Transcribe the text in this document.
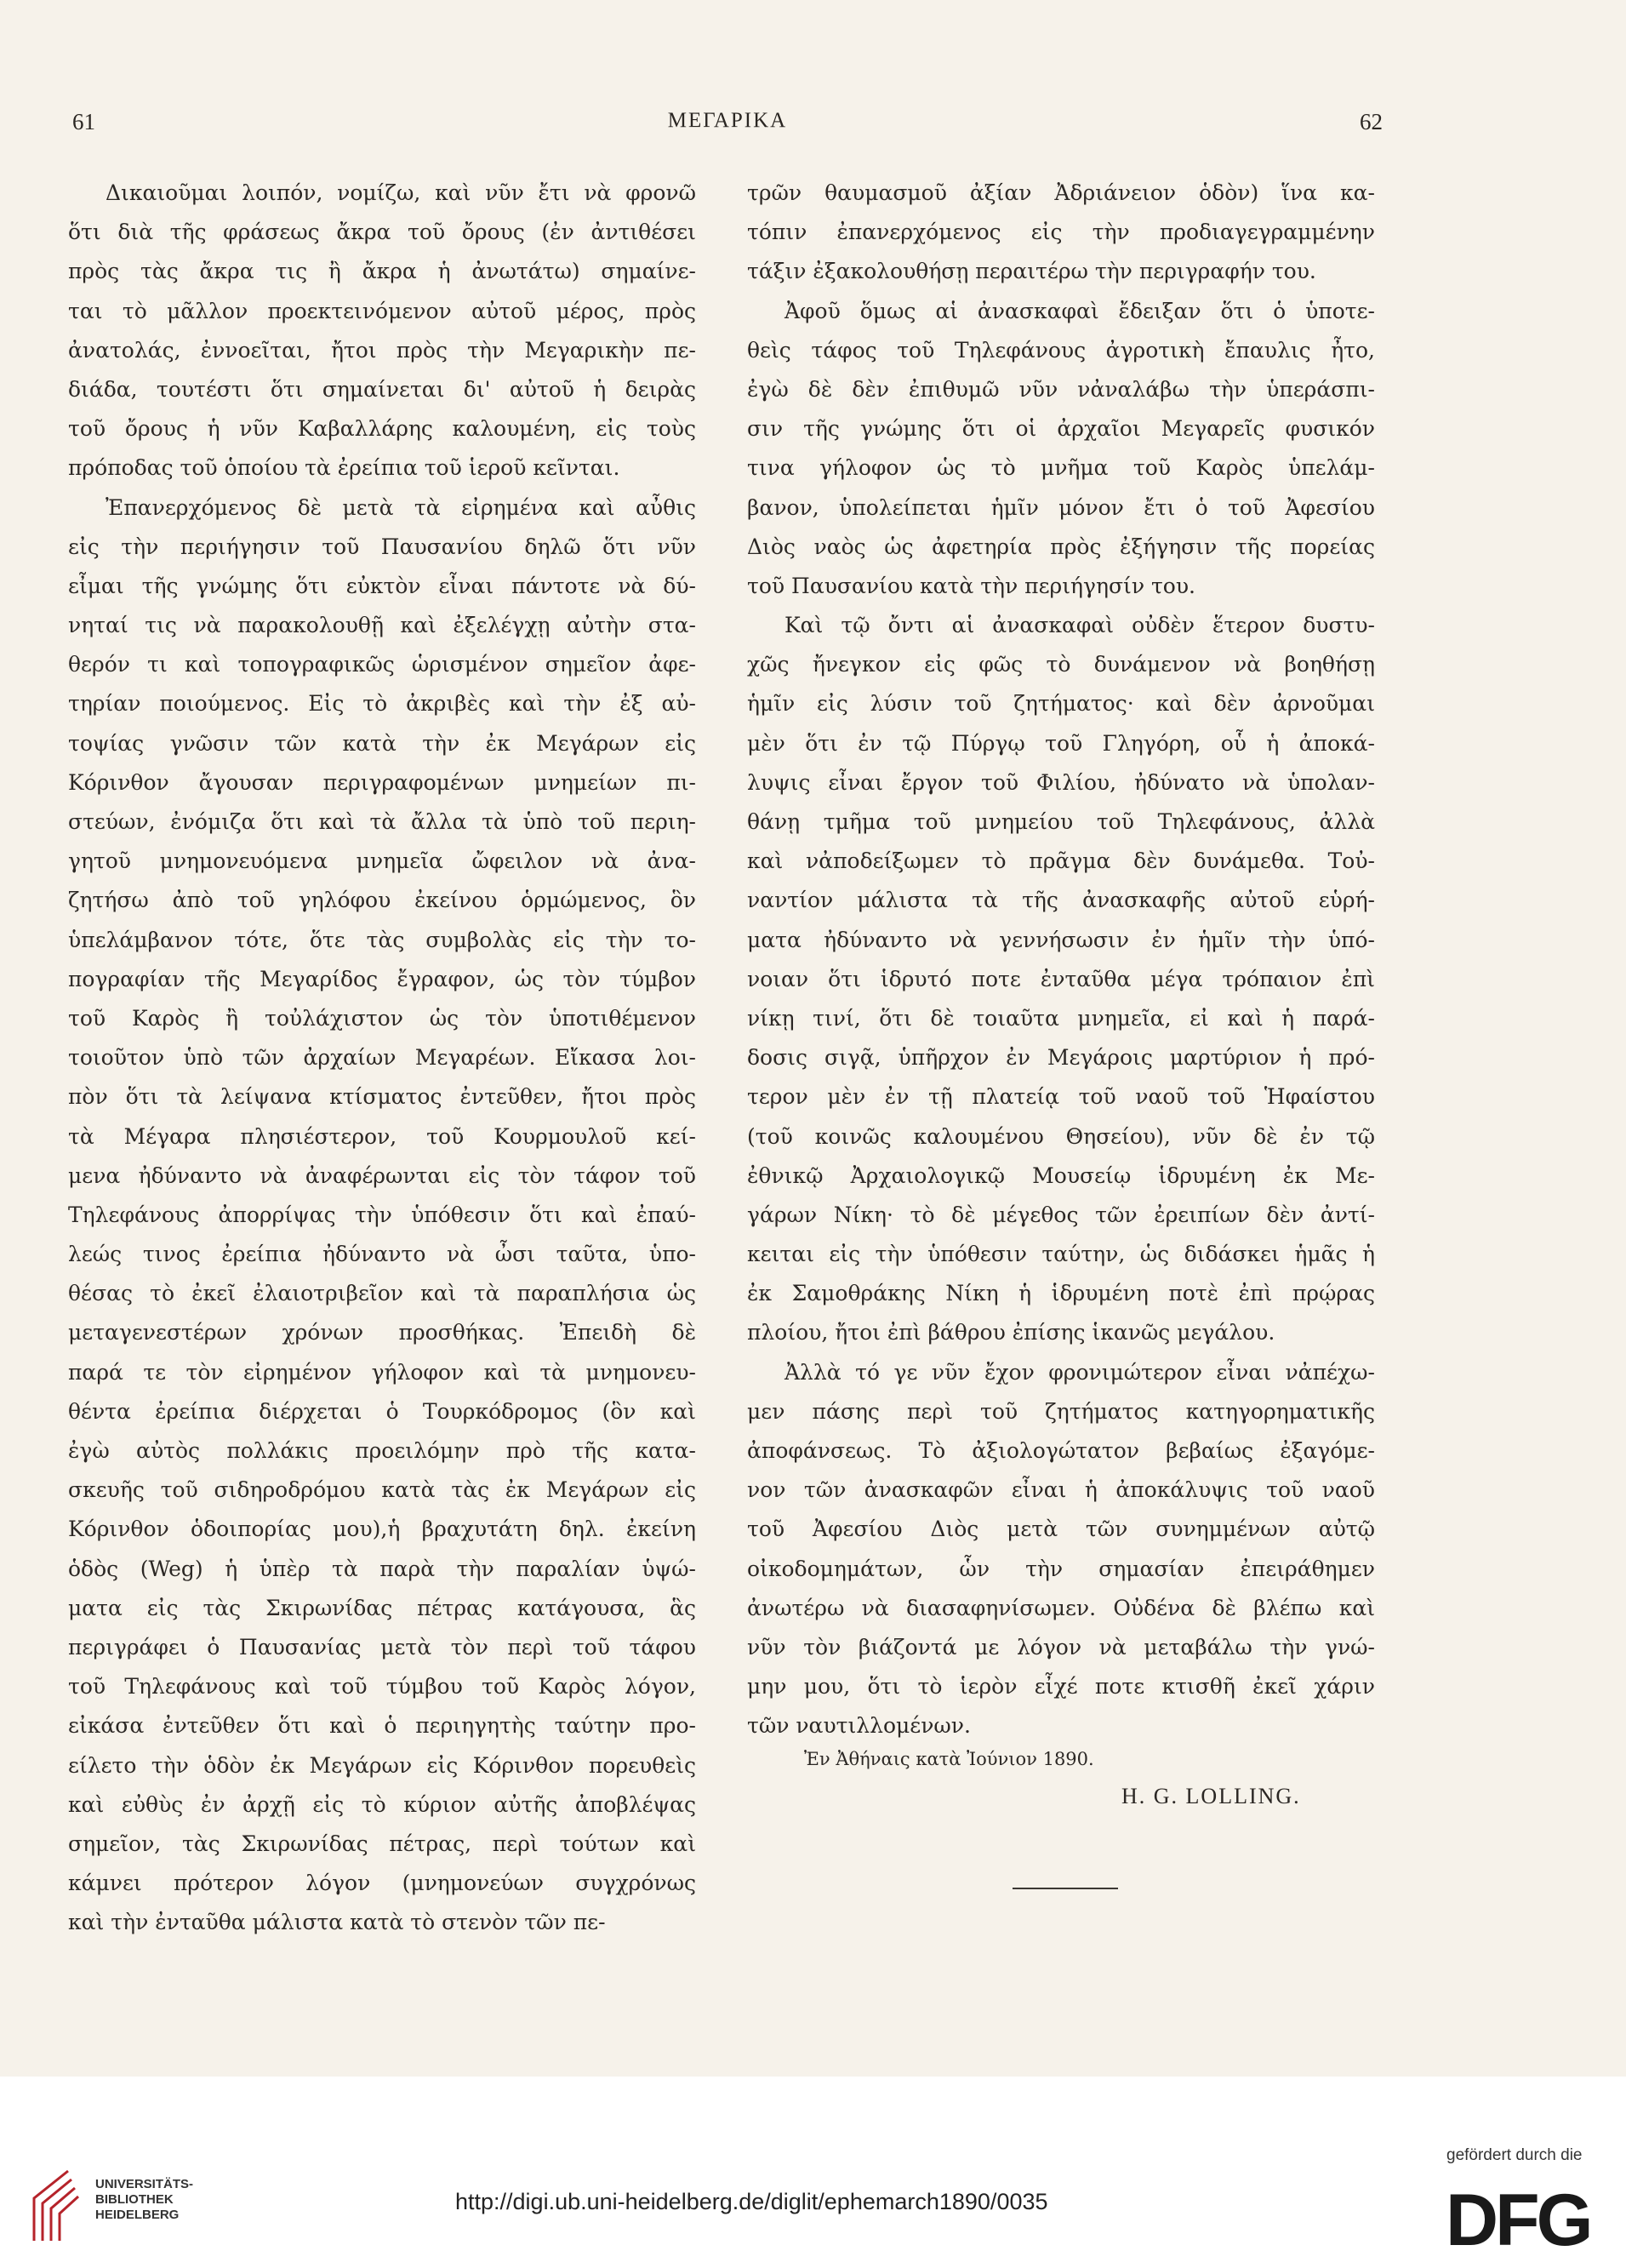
61	ΜΕΓΑΡΙΚΑ	62
Δικαιοῦμαι λοιπόν, νομίζω, καὶ νῦν ἔτι νὰ φρονῶ
ὅτι διὰ τῆς φράσεως ἄκρα τοῦ ὄρους (ἐν ἀντιθέσει
πρὸς τὰς ἄκρα τις ἢ ἄκρα ἡ ἀνωτάτω) σημαίνε-
ται τὸ μᾶλλον προεκτεινόμενον αὐτοῦ μέρος, πρὸς
ἀνατολάς, ἐννοεῖται, ἤτοι πρὸς τὴν Μεγαρικὴν πε-
διάδα, τουτέστι ὅτι σημαίνεται δι' αὐτοῦ ἡ δειρὰς
τοῦ ὄρους ἡ νῦν Καβαλλάρης καλουμένη, εἰς τοὺς
πρόποδας τοῦ ὁποίου τὰ ἐρείπια τοῦ ἱεροῦ κεῖνται.
Ἐπανερχόμενος δὲ μετὰ τὰ εἰρημένα καὶ αὖθις
εἰς τὴν περιήγησιν τοῦ Παυσανίου δηλῶ ὅτι νῦν
εἶμαι τῆς γνώμης ὅτι εὐκτὸν εἶναι πάντοτε νὰ δύ-
νηταί τις νὰ παρακολουθῇ καὶ ἐξελέγχῃ αὐτὴν στα-
θερόν τι καὶ τοπογραφικῶς ὡρισμένον σημεῖον ἀφε-
τηρίαν ποιούμενος. Εἰς τὸ ἀκριβὲς καὶ τὴν ἐξ αὐ-
τοψίας γνῶσιν τῶν κατὰ τὴν ἐκ Μεγάρων εἰς
Κόρινθον ἄγουσαν περιγραφομένων μνημείων πι-
στεύων, ἐνόμιζα ὅτι καὶ τὰ ἄλλα τὰ ὑπὸ τοῦ περιη-
γητοῦ μνημονευόμενα μνημεῖα ὤφειλον νὰ ἀνα-
ζητήσω ἀπὸ τοῦ γηλόφου ἐκείνου ὁρμώμενος, ὃν
ὑπελάμβανον τότε, ὅτε τὰς συμβολὰς εἰς τὴν το-
πογραφίαν τῆς Μεγαρίδος ἔγραφον, ὡς τὸν τύμβον
τοῦ Καρὸς ἢ τοὐλάχιστον ὡς τὸν ὑποτιθέμενον
τοιοῦτον ὑπὸ τῶν ἀρχαίων Μεγαρέων. Εἴκασα λοι-
πὸν ὅτι τὰ λείψανα κτίσματος ἐντεῦθεν, ἤτοι πρὸς
τὰ Μέγαρα πλησιέστερον, τοῦ Κουρμουλοῦ κεί-
μενα ἠδύναντο νὰ ἀναφέρωνται εἰς τὸν τάφον τοῦ
Τηλεφάνους ἀπορρίψας τὴν ὑπόθεσιν ὅτι καὶ ἐπαύ-
λεώς τινος ἐρείπια ἠδύναντο νὰ ὦσι ταῦτα, ὑπο-
θέσας τὸ ἐκεῖ ἐλαιοτριβεῖον καὶ τὰ παραπλήσια ὡς
μεταγενεστέρων χρόνων προσθήκας. Ἐπειδὴ δὲ
παρά τε τὸν εἰρημένον γήλοφον καὶ τὰ μνημονευ-
θέντα ἐρείπια διέρχεται ὁ Τουρκόδρομος (ὃν καὶ
ἐγὼ αὐτὸς πολλάκις προειλόμην πρὸ τῆς κατα-
σκευῆς τοῦ σιδηροδρόμου κατὰ τὰς ἐκ Μεγάρων εἰς
Κόρινθον ὁδοιπορίας μου),ἡ βραχυτάτη δηλ. ἐκείνη
ὁδὸς (Weg) ἡ ὑπὲρ τὰ παρὰ τὴν παραλίαν ὑψώ-
ματα εἰς τὰς Σκιρωνίδας πέτρας κατάγουσα, ἃς
περιγράφει ὁ Παυσανίας μετὰ τὸν περὶ τοῦ τάφου
τοῦ Τηλεφάνους καὶ τοῦ τύμβου τοῦ Καρὸς λόγον,
εἰκάσα ἐντεῦθεν ὅτι καὶ ὁ περιηγητὴς ταύτην προ-
είλετο τὴν ὁδὸν ἐκ Μεγάρων εἰς Κόρινθον πορευθεὶς
καὶ εὐθὺς ἐν ἀρχῇ εἰς τὸ κύριον αὐτῆς ἀποβλέψας
σημεῖον, τὰς Σκιρωνίδας πέτρας, περὶ τούτων καὶ
κάμνει πρότερον λόγον (μνημονεύων συγχρόνως
καὶ τὴν ἐνταῦθα μάλιστα κατὰ τὸ στενὸν τῶν πε-
τρῶν θαυμασμοῦ ἀξίαν Ἀδριάνειον ὁδὸν) ἵνα κα-
τόπιν ἐπανερχόμενος εἰς τὴν προδιαγεγραμμένην
τάξιν ἐξακολουθήσῃ περαιτέρω τὴν περιγραφήν του.
Ἀφοῦ ὅμως αἱ ἀνασκαφαὶ ἔδειξαν ὅτι ὁ ὑποτε-
θεὶς τάφος τοῦ Τηλεφάνους ἀγροτικὴ ἔπαυλις ἦτο,
ἐγὼ δὲ δὲν ἐπιθυμῶ νῦν νἀναλάβω τὴν ὑπεράσπι-
σιν τῆς γνώμης ὅτι οἱ ἀρχαῖοι Μεγαρεῖς φυσικόν
τινα γήλοφον ὡς τὸ μνῆμα τοῦ Καρὸς ὑπελάμ-
βανον, ὑπολείπεται ἡμῖν μόνον ἔτι ὁ τοῦ Ἀφεσίου
Διὸς ναὸς ὡς ἀφετηρία πρὸς ἐξήγησιν τῆς πορείας
τοῦ Παυσανίου κατὰ τὴν περιήγησίν του.
Καὶ τῷ ὄντι αἱ ἀνασκαφαὶ οὐδὲν ἕτερον δυστυ-
χῶς ἤνεγκον εἰς φῶς τὸ δυνάμενον νὰ βοηθήσῃ
ἡμῖν εἰς λύσιν τοῦ ζητήματος· καὶ δὲν ἀρνοῦμαι
μὲν ὅτι ἐν τῷ Πύργῳ τοῦ Γληγόρη, οὗ ἡ ἀποκά-
λυψις εἶναι ἔργον τοῦ Φιλίου, ἠδύνατο νὰ ὑπολαν-
θάνῃ τμῆμα τοῦ μνημείου τοῦ Τηλεφάνους, ἀλλὰ
καὶ νἀποδείξωμεν τὸ πρᾶγμα δὲν δυνάμεθα. Τοὐ-
ναντίον μάλιστα τὰ τῆς ἀνασκαφῆς αὐτοῦ εὑρή-
ματα ἠδύναντο νὰ γεννήσωσιν ἐν ἡμῖν τὴν ὑπό-
νοιαν ὅτι ἱδρυτό ποτε ἐνταῦθα μέγα τρόπαιον ἐπὶ
νίκῃ τινί, ὅτι δὲ τοιαῦτα μνημεῖα, εἰ καὶ ἡ παρά-
δοσις σιγᾷ, ὑπῆρχον ἐν Μεγάροις μαρτύριον ἡ πρό-
τερον μὲν ἐν τῇ πλατείᾳ τοῦ ναοῦ τοῦ Ἡφαίστου
(τοῦ κοινῶς καλουμένου Θησείου), νῦν δὲ ἐν τῷ
ἐθνικῷ Ἀρχαιολογικῷ Μουσείῳ ἱδρυμένη ἐκ Με-
γάρων Νίκη· τὸ δὲ μέγεθος τῶν ἐρειπίων δὲν ἀντί-
κειται εἰς τὴν ὑπόθεσιν ταύτην, ὡς διδάσκει ἡμᾶς ἡ
ἐκ Σαμοθράκης Νίκη ἡ ἱδρυμένη ποτὲ ἐπὶ πρῴρας
πλοίου, ἤτοι ἐπὶ βάθρου ἐπίσης ἱκανῶς μεγάλου.
Ἀλλὰ τό γε νῦν ἔχον φρονιμώτερον εἶναι νἀπέχω-
μεν πάσης περὶ τοῦ ζητήματος κατηγορηματικῆς
ἀποφάνσεως. Τὸ ἀξιολογώτατον βεβαίως ἐξαγόμε-
νον τῶν ἀνασκαφῶν εἶναι ἡ ἀποκάλυψις τοῦ ναοῦ
τοῦ Ἀφεσίου Διὸς μετὰ τῶν συνημμένων αὐτῷ
οἰκοδομημάτων, ὧν τὴν σημασίαν ἐπειράθημεν
ἀνωτέρω νὰ διασαφηνίσωμεν. Οὐδένα δὲ βλέπω καὶ
νῦν τὸν βιάζοντά με λόγον νὰ μεταβάλω τὴν γνώ-
μην μου, ὅτι τὸ ἱερὸν εἶχέ ποτε κτισθῆ ἐκεῖ χάριν
τῶν ναυτιλλομένων.
Ἐν Ἀθήναις κατὰ Ἰούνιον 1890.
H. G. LOLLING.
UNIVERSITÄTS-
BIBLIOTHEK
HEIDELBERG
http://digi.ub.uni-heidelberg.de/diglit/ephemarch1890/0035
gefördert durch die
DFG
